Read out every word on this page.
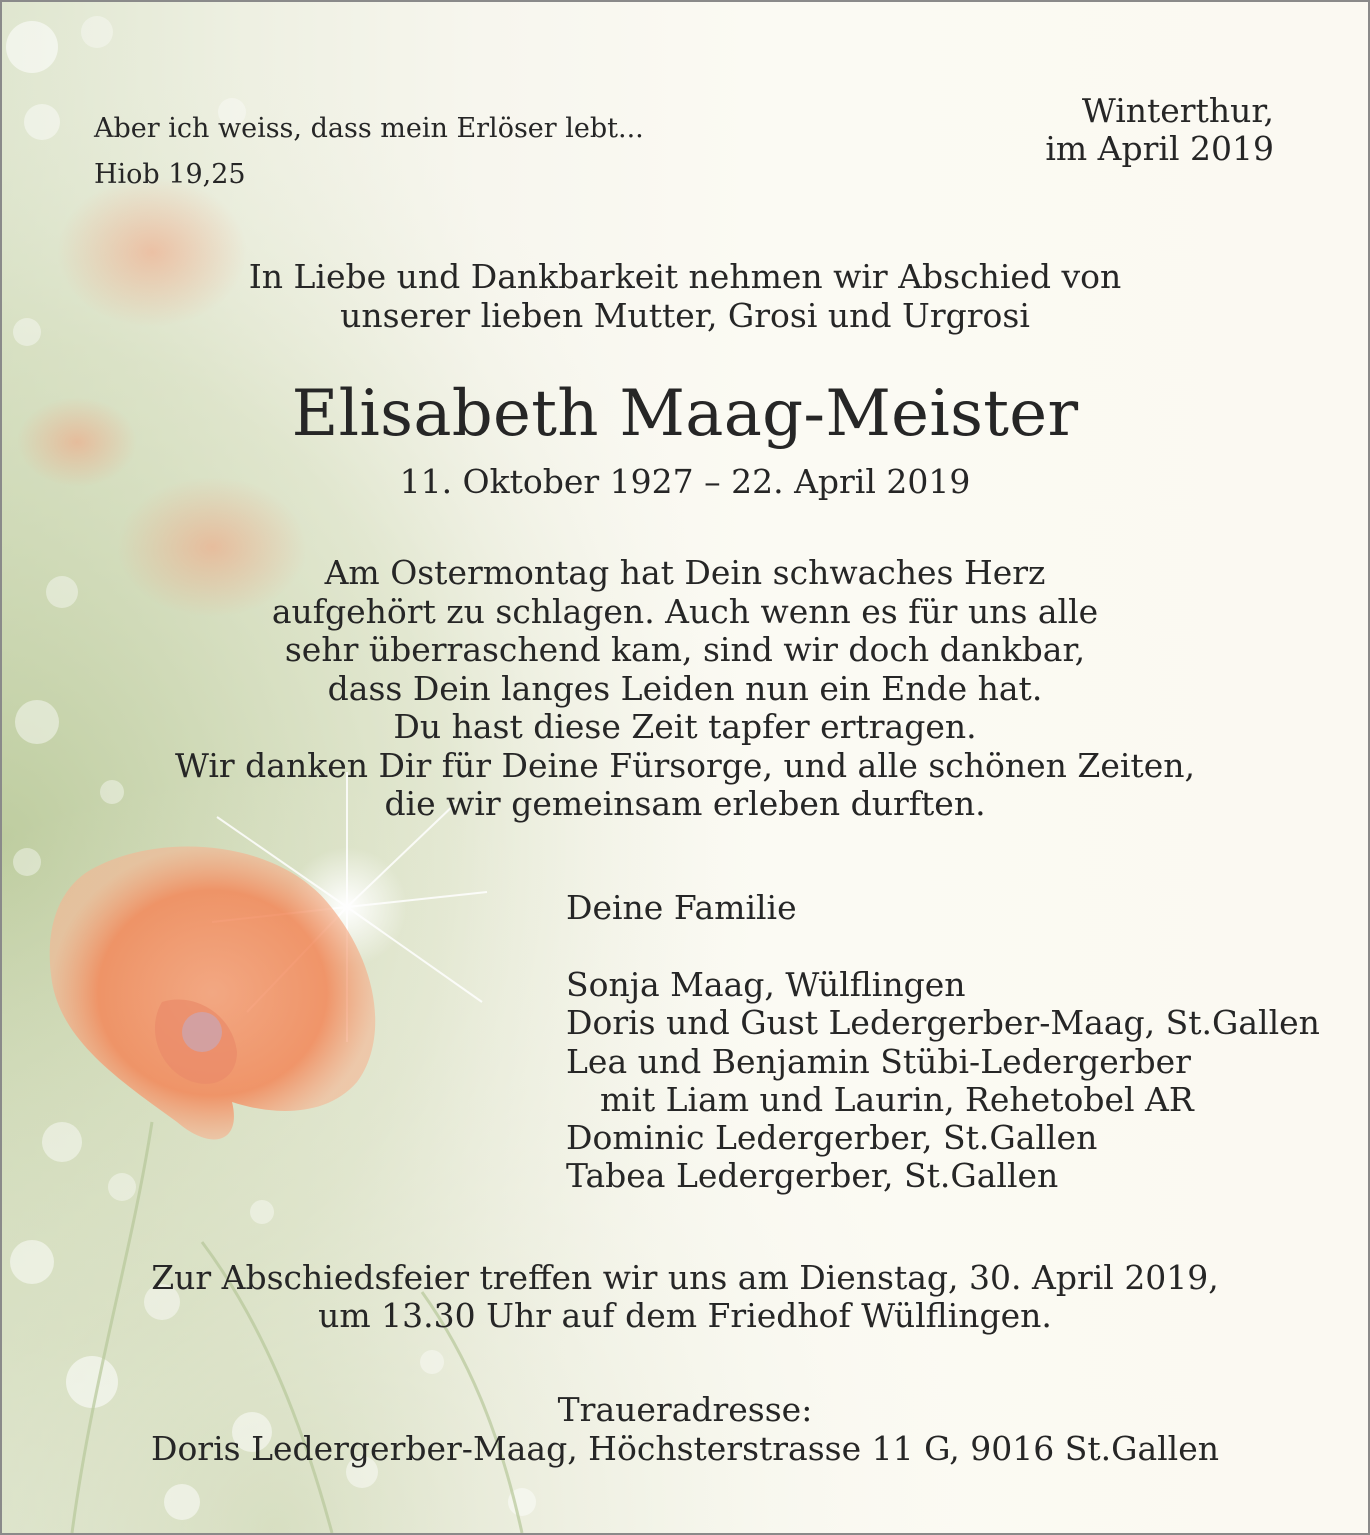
Aber ich weiss, dass mein Erlöser lebt...
Hiob 19,25
Winterthur,
im April 2019
In Liebe und Dankbarkeit nehmen wir Abschied von
unserer lieben Mutter, Grosi und Urgrosi
Elisabeth Maag-Meister
11. Oktober 1927 – 22. April 2019
Am Ostermontag hat Dein schwaches Herz
aufgehört zu schlagen. Auch wenn es für uns alle
sehr überraschend kam, sind wir doch dankbar,
dass Dein langes Leiden nun ein Ende hat.
Du hast diese Zeit tapfer ertragen.
Wir danken Dir für Deine Fürsorge, und alle schönen Zeiten,
die wir gemeinsam erleben durften.
Deine Familie
Sonja Maag, Wülflingen
Doris und Gust Ledergerber-Maag, St.Gallen
Lea und Benjamin Stübi-Ledergerber
mit Liam und Laurin, Rehetobel AR
Dominic Ledergerber, St.Gallen
Tabea Ledergerber, St.Gallen
Zur Abschiedsfeier treffen wir uns am Dienstag, 30. April 2019,
um 13.30 Uhr auf dem Friedhof Wülflingen.
Traueradresse:
Doris Ledergerber-Maag, Höchsterstrasse 11 G, 9016 St.Gallen
